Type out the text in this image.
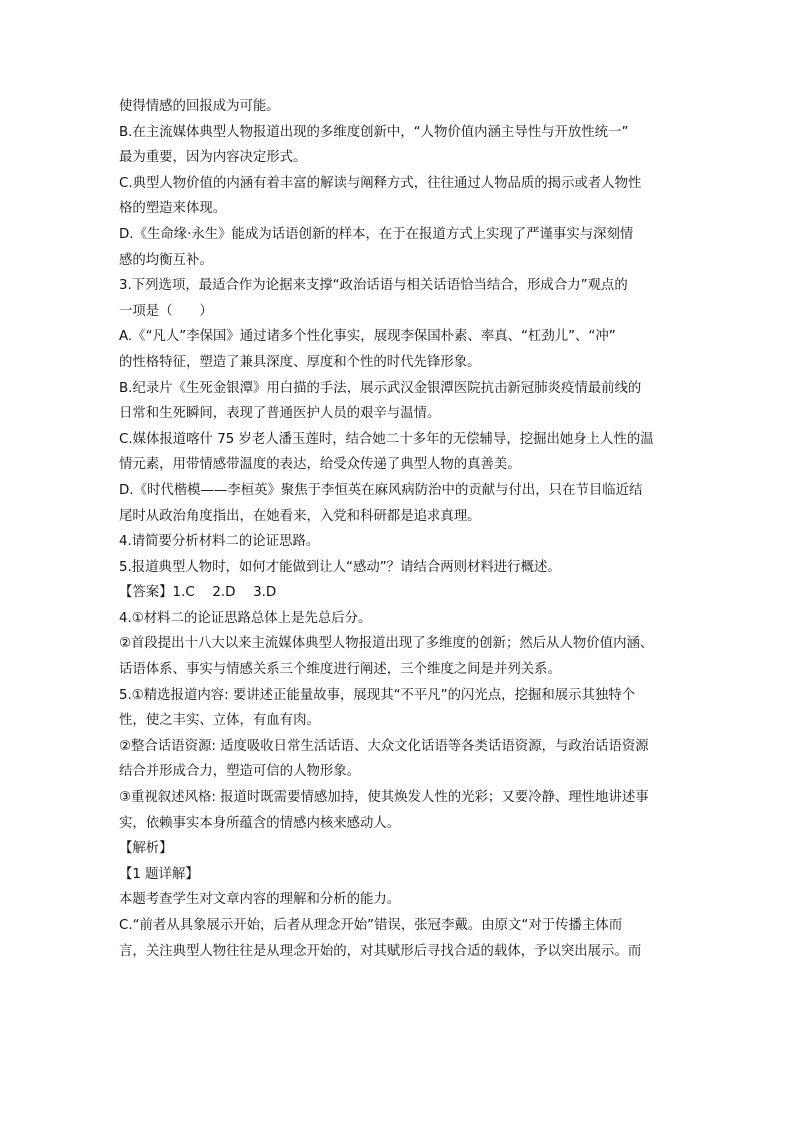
使得情感的回报成为可能。
B.在主流媒体典型人物报道出现的多维度创新中，“人物价值内涵主导性与开放性统一”
最为重要，因为内容决定形式。
C.典型人物价值的内涵有着丰富的解读与阐释方式，往往通过人物品质的揭示或者人物性
格的塑造来体现。
D.《生命缘·永生》能成为话语创新的样本，在于在报道方式上实现了严谨事实与深刻情
感的均衡互补。
3.下列选项，最适合作为论据来支撑“政治话语与相关话语恰当结合，形成合力”观点的
一项是（　　）
A.《“凡人”李保国》通过诸多个性化事实，展现李保国朴素、率真、“杠劲儿”、“冲”
的性格特征，塑造了兼具深度、厚度和个性的时代先锋形象。
B.纪录片《生死金银潭》用白描的手法，展示武汉金银潭医院抗击新冠肺炎疫情最前线的
日常和生死瞬间，表现了普通医护人员的艰辛与温情。
C.媒体报道喀什 75 岁老人潘玉莲时，结合她二十多年的无偿辅导，挖掘出她身上人性的温
情元素，用带情感带温度的表达，给受众传递了典型人物的真善美。
D.《时代楷模——李桓英》聚焦于李恒英在麻风病防治中的贡献与付出，只在节目临近结
尾时从政治角度指出，在她看来，入党和科研都是追求真理。
4.请简要分析材料二的论证思路。
5.报道典型人物时，如何才能做到让人“感动”？请结合两则材料进行概述。
【答案】1.C　 2.D　 3.D
4.①材料二的论证思路总体上是先总后分。
②首段提出十八大以来主流媒体典型人物报道出现了多维度的创新；然后从人物价值内涵、
话语体系、事实与情感关系三个维度进行阐述，三个维度之间是并列关系。
5.①精选报道内容: 要讲述正能量故事，展现其“不平凡”的闪光点，挖掘和展示其独特个
性，使之丰实、立体，有血有肉。
②整合话语资源: 适度吸收日常生活话语、大众文化话语等各类话语资源，与政治话语资源
结合并形成合力，塑造可信的人物形象。
③重视叙述风格: 报道时既需要情感加持，使其焕发人性的光彩；又要冷静、理性地讲述事
实，依赖事实本身所蕴含的情感内核来感动人。
【解析】
【1 题详解】
本题考查学生对文章内容的理解和分析的能力。
C.“前者从具象展示开始，后者从理念开始”错误，张冠李戴。由原文“对于传播主体而
言，关注典型人物往往是从理念开始的，对其赋形后寻找合适的载体，予以突出展示。而
